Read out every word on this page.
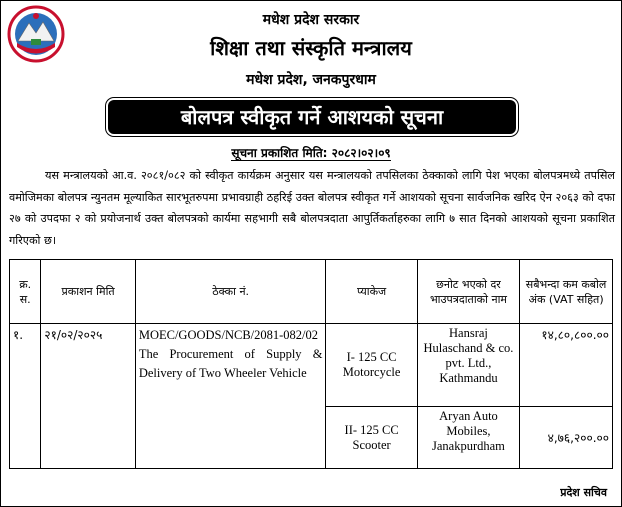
मधेश प्रदेश सरकार
शिक्षा तथा संस्कृति मन्त्रालय
मधेश प्रदेश, जनकपुरधाम
बोलपत्र स्वीकृत गर्ने आशयको सूचना
सूचना प्रकाशित मिति: २०८२।०२।०९
यस मन्त्रालयको आ.व. २०८१/०८२ को स्वीकृत कार्यक्रम अनुसार यस मन्त्रालयको तपसिलका ठेक्काको लागि पेश भएका बोलपत्रमध्ये तपसिल वमोजिमका बोलपत्र न्युनतम मूल्याकित सारभूतरुपमा प्रभावग्राही ठहरिई उक्त बोलपत्र स्वीकृत गर्ने आशयको सूचना सार्वजनिक खरिद ऐन २०६३ को दफा २७ को उपदफा २ को प्रयोजनार्थ उक्त बोलपत्रको कार्यमा सहभागी सबै बोलपत्रदाता आपुर्तिकर्ताहरुका लागि ७ सात दिनको आशयको सूचना प्रकाशित गरिएको छ।
क्र. स.	प्रकाशन मिति	ठेक्का नं.	प्याकेज	छनोट भएको दर भाउपत्रदाताको नाम	सबैभन्दा कम कबोल अंक (VAT सहित)
१.	२१/०२/२०२५	MOEC/GOODS/NCB/2081-082/02 The Procurement of Supply & Delivery of Two Wheeler Vehicle	I- 125 CC Motorcycle	Hansraj Hulaschand & co. pvt. Ltd., Kathmandu	१४,८०,८००.००
			II- 125 CC Scooter	Aryan Auto Mobiles, Janakpurdham	४,७६,२००.००
प्रदेश सचिव
